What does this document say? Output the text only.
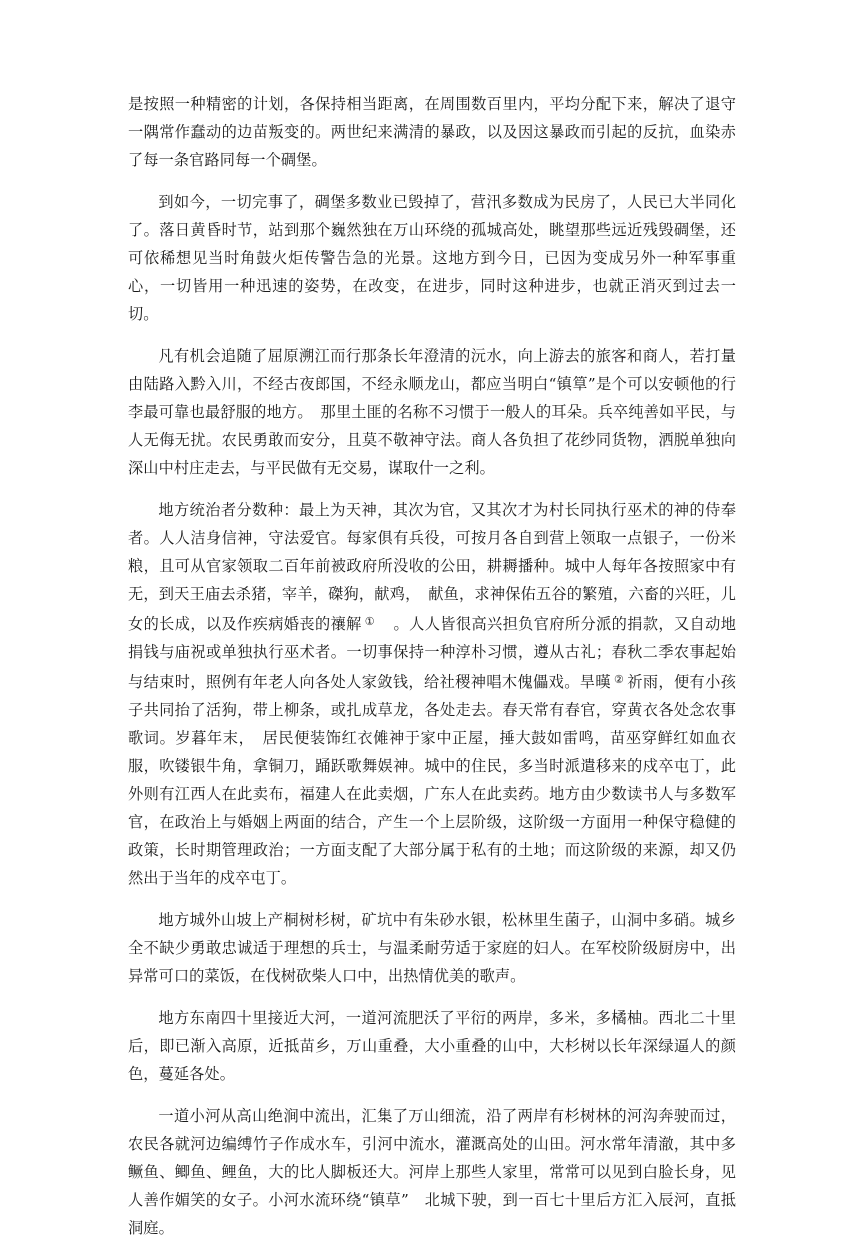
是按照一种精密的计划，各保持相当距离，在周围数百里内，平均分配下来，解决了退守一隅常作蠢动的边苗叛变的。两世纪来满清的暴政，以及因这暴政而引起的反抗，血染赤了每一条官路同每一个碉堡。

到如今，一切完事了，碉堡多数业已毁掉了，营汛多数成为民房了，人民已大半同化了。落日黄昏时节，站到那个巍然独在万山环绕的孤城高处，眺望那些远近残毁碉堡，还可依稀想见当时角鼓火炬传警告急的光景。这地方到今日，已因为变成另外一种军事重心，一切皆用一种迅速的姿势，在改变，在进步，同时这种进步，也就正消灭到过去一切。

凡有机会追随了屈原溯江而行那条长年澄清的沅水，向上游去的旅客和商人，若打量由陆路入黔入川，不经古夜郎国，不经永顺龙山，都应当明白“镇筸”是个可以安顿他的行李最可靠也最舒服的地方。　那里土匪的名称不习惯于一般人的耳朵。兵卒纯善如平民，与人无侮无扰。农民勇敢而安分，且莫不敬神守法。商人各负担了花纱同货物，洒脱单独向深山中村庄走去，与平民做有无交易，谋取什一之利。

地方统治者分数种：最上为天神，其次为官，又其次才为村长同执行巫术的神的侍奉者。人人洁身信神，守法爱官。每家俱有兵役，可按月各自到营上领取一点银子，一份米粮，且可从官家领取二百年前被政府所没收的公田，耕耨播种。城中人每年各按照家中有无，到天王庙去杀猪，宰羊，磔狗，献鸡，　献鱼，求神保佑五谷的繁殖，六畜的兴旺，儿女的长成，以及作疾病婚丧的禳解 ①　。人人皆很高兴担负官府所分派的捐款，又自动地捐钱与庙祝或单独执行巫术者。一切事保持一种淳朴习惯，遵从古礼；春秋二季农事起始与结束时，照例有年老人向各处人家敛钱，给社稷神唱木傀儡戏。旱暵 ② 祈雨，便有小孩子共同抬了活狗，带上柳条，或扎成草龙，各处走去。春天常有春官，穿黄衣各处念农事歌词。岁暮年末，　居民便装饰红衣傩神于家中正屋，捶大鼓如雷鸣，苗巫穿鲜红如血衣服，吹镂银牛角，拿铜刀，踊跃歌舞娱神。城中的住民，多当时派遣移来的戍卒屯丁，此外则有江西人在此卖布，福建人在此卖烟，广东人在此卖药。地方由少数读书人与多数军官，在政治上与婚姻上两面的结合，产生一个上层阶级，这阶级一方面用一种保守稳健的政策，长时期管理政治；一方面支配了大部分属于私有的土地；而这阶级的来源，却又仍然出于当年的戍卒屯丁。

地方城外山坡上产桐树杉树，矿坑中有朱砂水银，松林里生菌子，山洞中多硝。城乡全不缺少勇敢忠诚适于理想的兵士，与温柔耐劳适于家庭的妇人。在军校阶级厨房中，出异常可口的菜饭，在伐树砍柴人口中，出热情优美的歌声。

地方东南四十里接近大河，一道河流肥沃了平衍的两岸，多米，多橘柚。西北二十里后，即已渐入高原，近抵苗乡，万山重叠，大小重叠的山中，大杉树以长年深绿逼人的颜色，蔓延各处。

一道小河从高山绝涧中流出，汇集了万山细流，沿了两岸有杉树林的河沟奔驶而过，农民各就河边编缚竹子作成水车，引河中流水，灌溉高处的山田。河水常年清澈，其中多鳜鱼、鲫鱼、鲤鱼，大的比人脚板还大。河岸上那些人家里，常常可以见到白脸长身，见人善作媚笑的女子。小河水流环绕“镇草”　北城下驶，到一百七十里后方汇入辰河，直抵洞庭。
